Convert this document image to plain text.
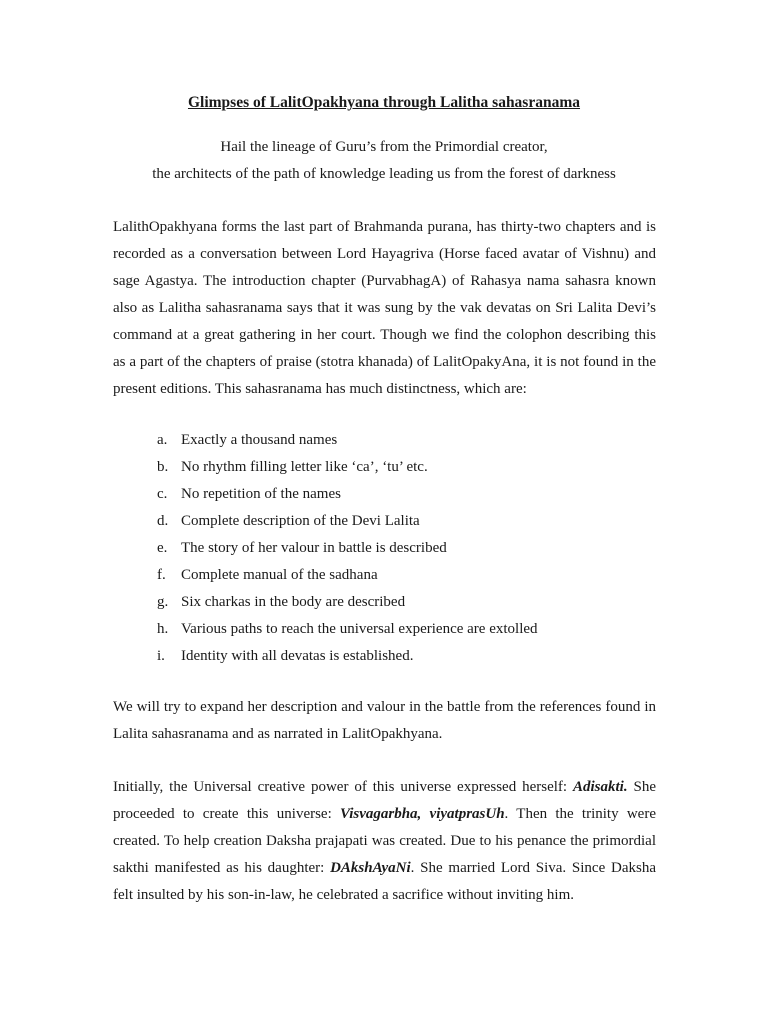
Glimpses of LalitOpakhyana through Lalitha sahasranama
Hail the lineage of Guru’s from the Primordial creator,
the architects of the path of knowledge leading us from the forest of darkness

LalithOpakhyana forms the last part of Brahmanda purana, has thirty-two chapters and is recorded as a conversation between Lord Hayagriva (Horse faced avatar of Vishnu) and sage Agastya. The introduction chapter (PurvabhagA) of Rahasya nama sahasra known also as Lalitha sahasranama says that it was sung by the vak devatas on Sri Lalita Devi’s command at a great gathering in her court. Though we find the colophon describing this as a part of the chapters of praise (stotra khanada) of LalitOpakyAna, it is not found in the present editions. This sahasranama has much distinctness, which are:

a. Exactly a thousand names
b. No rhythm filling letter like ‘ca’, ‘tu’ etc.
c. No repetition of the names
d. Complete description of the Devi Lalita
e. The story of her valour in battle is described
f.	Complete manual of the sadhana
g. Six charkas in the body are described
h. Various paths to reach the universal experience are extolled
i.	Identity with all devatas is established.

We will try to expand her description and valour in the battle from the references found in Lalita sahasranama and as narrated in LalitOpakhyana.

Initially, the Universal creative power of this universe expressed herself: Adisakti. She proceeded to create this universe: Visvagarbha, viyatprasUh. Then the trinity were created. To help creation Daksha prajapati was created. Due to his penance the primordial sakthi manifested as his daughter: DAkshAyaNi. She married Lord Siva. Since Daksha felt insulted by his son-in-law, he celebrated a sacrifice without inviting him.
